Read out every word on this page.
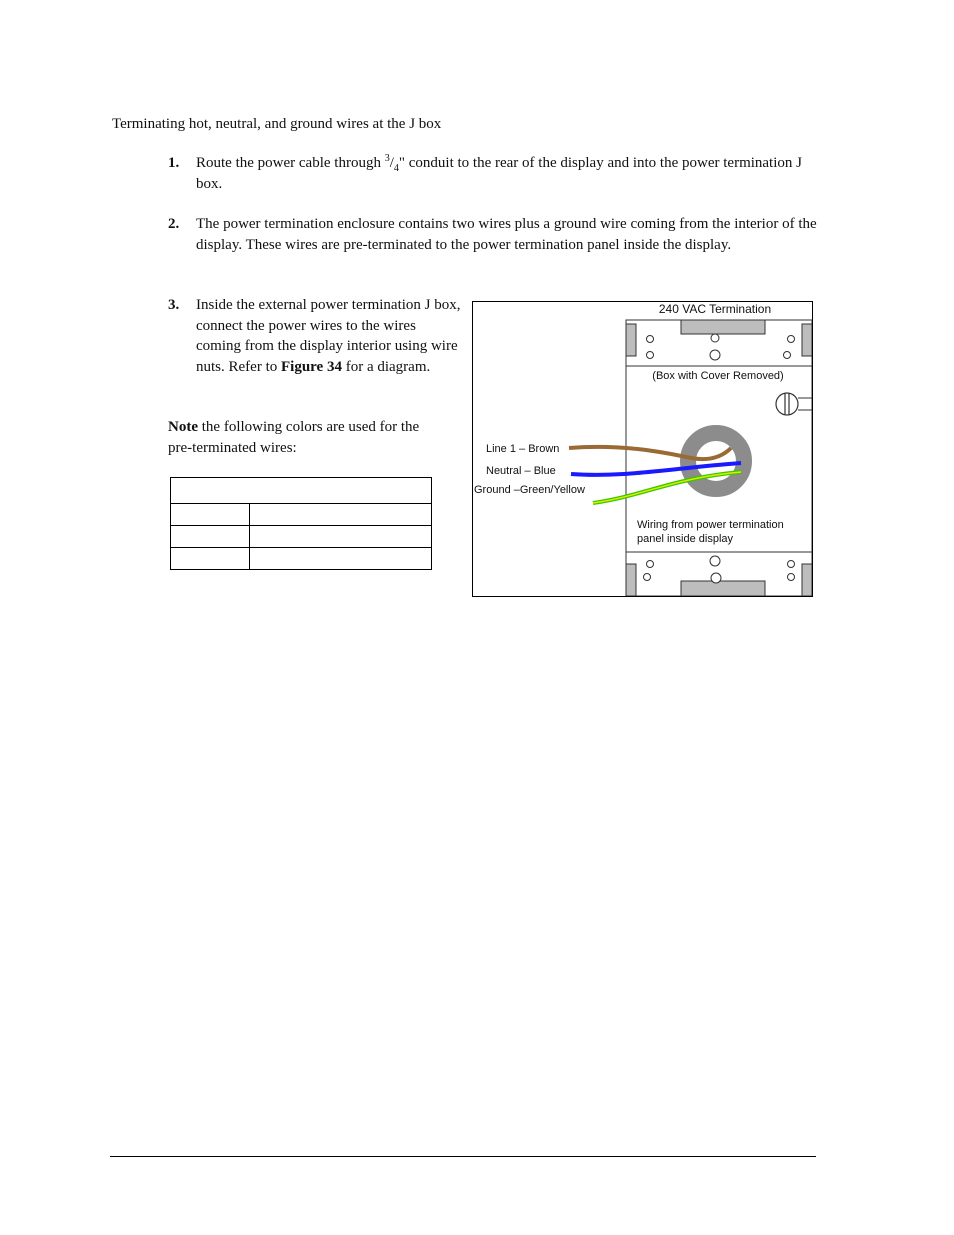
Terminating hot, neutral, and ground wires at the J box
1. Route the power cable through $^3/_4$" conduit to the rear of the display and into the power termination J box.
2. The power termination enclosure contains two wires plus a ground wire coming from the interior of the display. These wires are pre-terminated to the power termination panel inside the display.
3. Inside the external power termination J box, connect the power wires to the wires coming from the display interior using wire nuts. Refer to Figure 34 for a diagram.
Note the following colors are used for the pre-terminated wires:

240 VAC Termination
(Box with Cover Removed)
Line 1 – Brown
Neutral – Blue
Ground –Green/Yellow
Wiring from power termination
panel inside display
